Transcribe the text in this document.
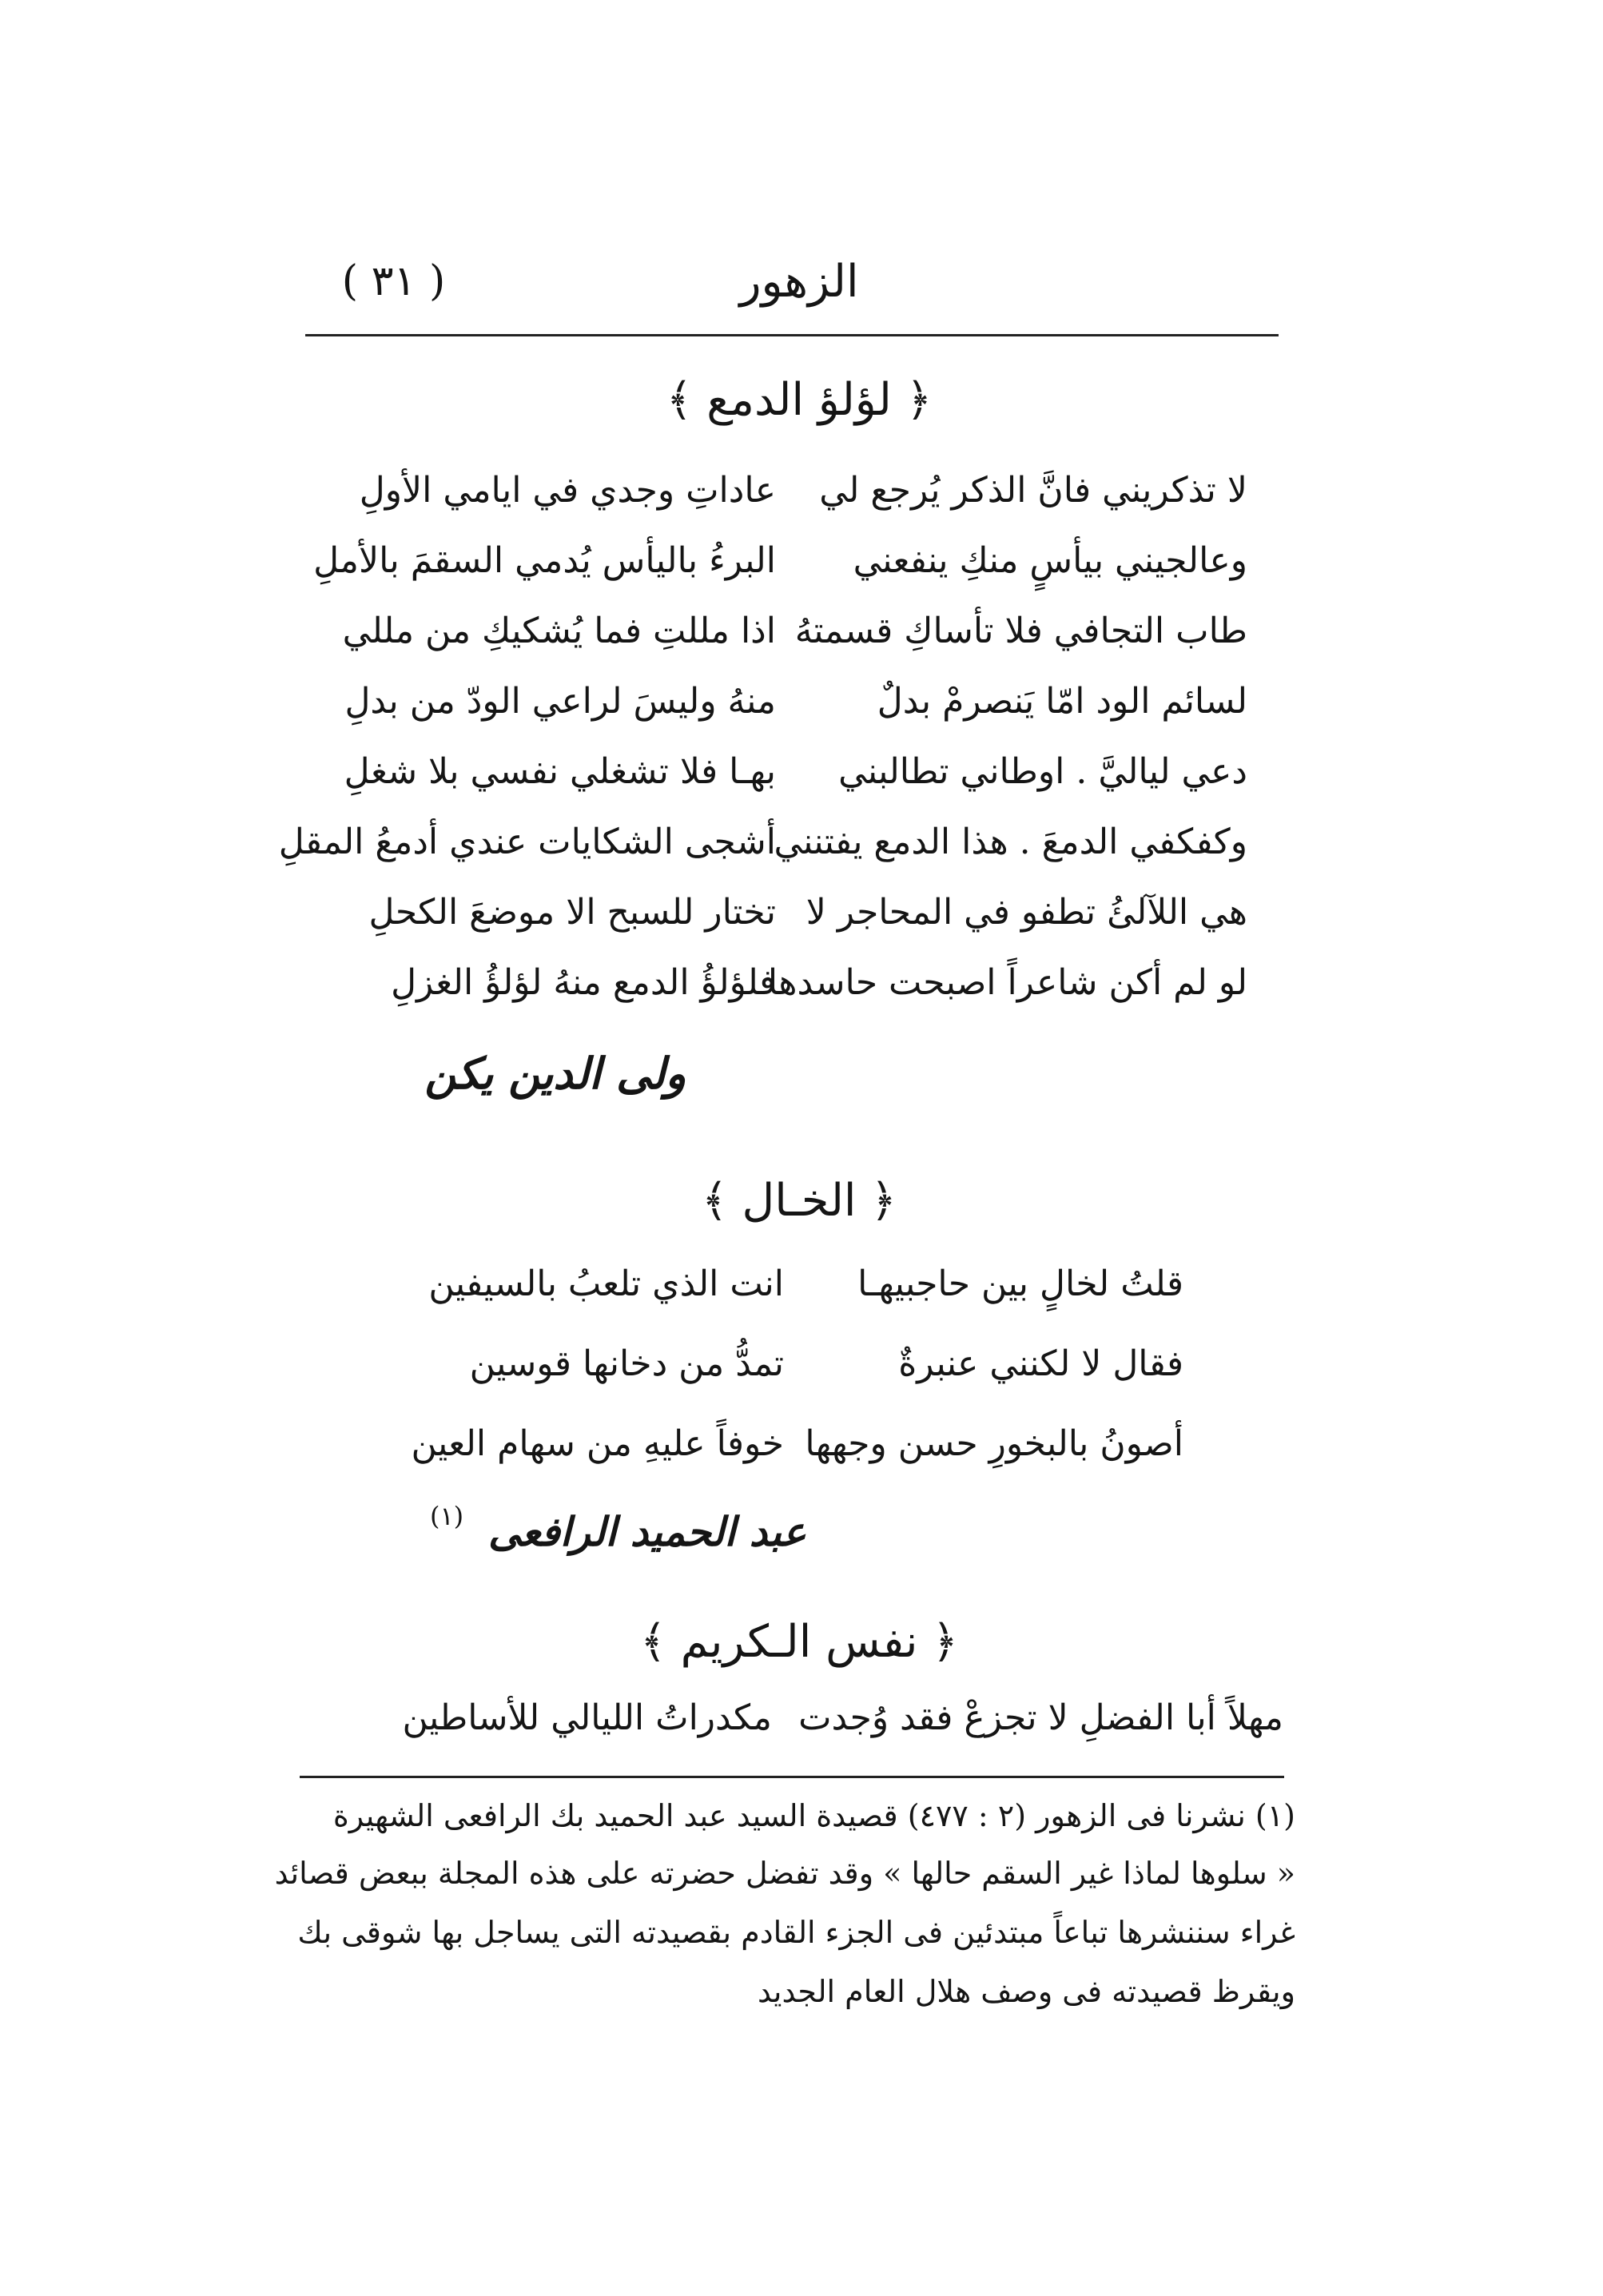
( ٣١ )	الزهور
﴿ لؤلؤ الدمع ﴾
لا تذكريني فانَّ الذكر يُرجع لي
عاداتِ وجدي في ايامي الأولِ
وعالجيني بيأسٍ منكِ ينفعني
البرءُ باليأس يُدمي السقمَ بالأملِ
طاب التجافي فلا تأساكِ قسمتهُ
اذا مللتِ فما يُشكيكِ من مللي
لسائم الود امّا يَنصرمْ بدلٌ
منهُ وليسَ لراعي الودّ من بدلِ
دعي لياليَّ . اوطاني تطالبني
بهـا فلا تشغلي نفسي بلا شغلِ
وكفكفي الدمعَ . هذا الدمع يفتنني
أشجى الشكايات عندي أدمعُ المقلِ
هي اللآلئُ تطفو في المحاجر لا
تختار للسبح الا موضعَ الكحلِ
لو لم أكن شاعراً اصبحت حاسدها
فلؤلؤُ الدمع منهُ لؤلؤُ الغزلِ
ولى الدين يكن
﴿ الخـال ﴾
قلتُ لخالٍ بين حاجبيهـا
انت الذي تلعبُ بالسيفين
فقال لا لكنني عنبرةٌ
تمدُّ من دخانها قوسين
أصونُ بالبخورِ حسن وجهها
خوفاً عليهِ من سهام العين
عبد الحميد الرافعى
(١)
﴿ نفس الـكريم ﴾
مهلاً أبا الفضلِ لا تجزعْ فقد وُجدت
مكدراتُ الليالي للأساطين
(١) نشرنا فى الزهور (٢ : ٤٧٧) قصيدة السيد عبد الحميد بك الرافعى الشهيرة
« سلوها لماذا غير السقم حالها » وقد تفضل حضرته على هذه المجلة ببعض قصائد
غراء سننشرها تباعاً مبتدئين فى الجزء القادم بقصيدته التى يساجل بها شوقى بك
ويقرظ قصيدته فى وصف هلال العام الجديد
